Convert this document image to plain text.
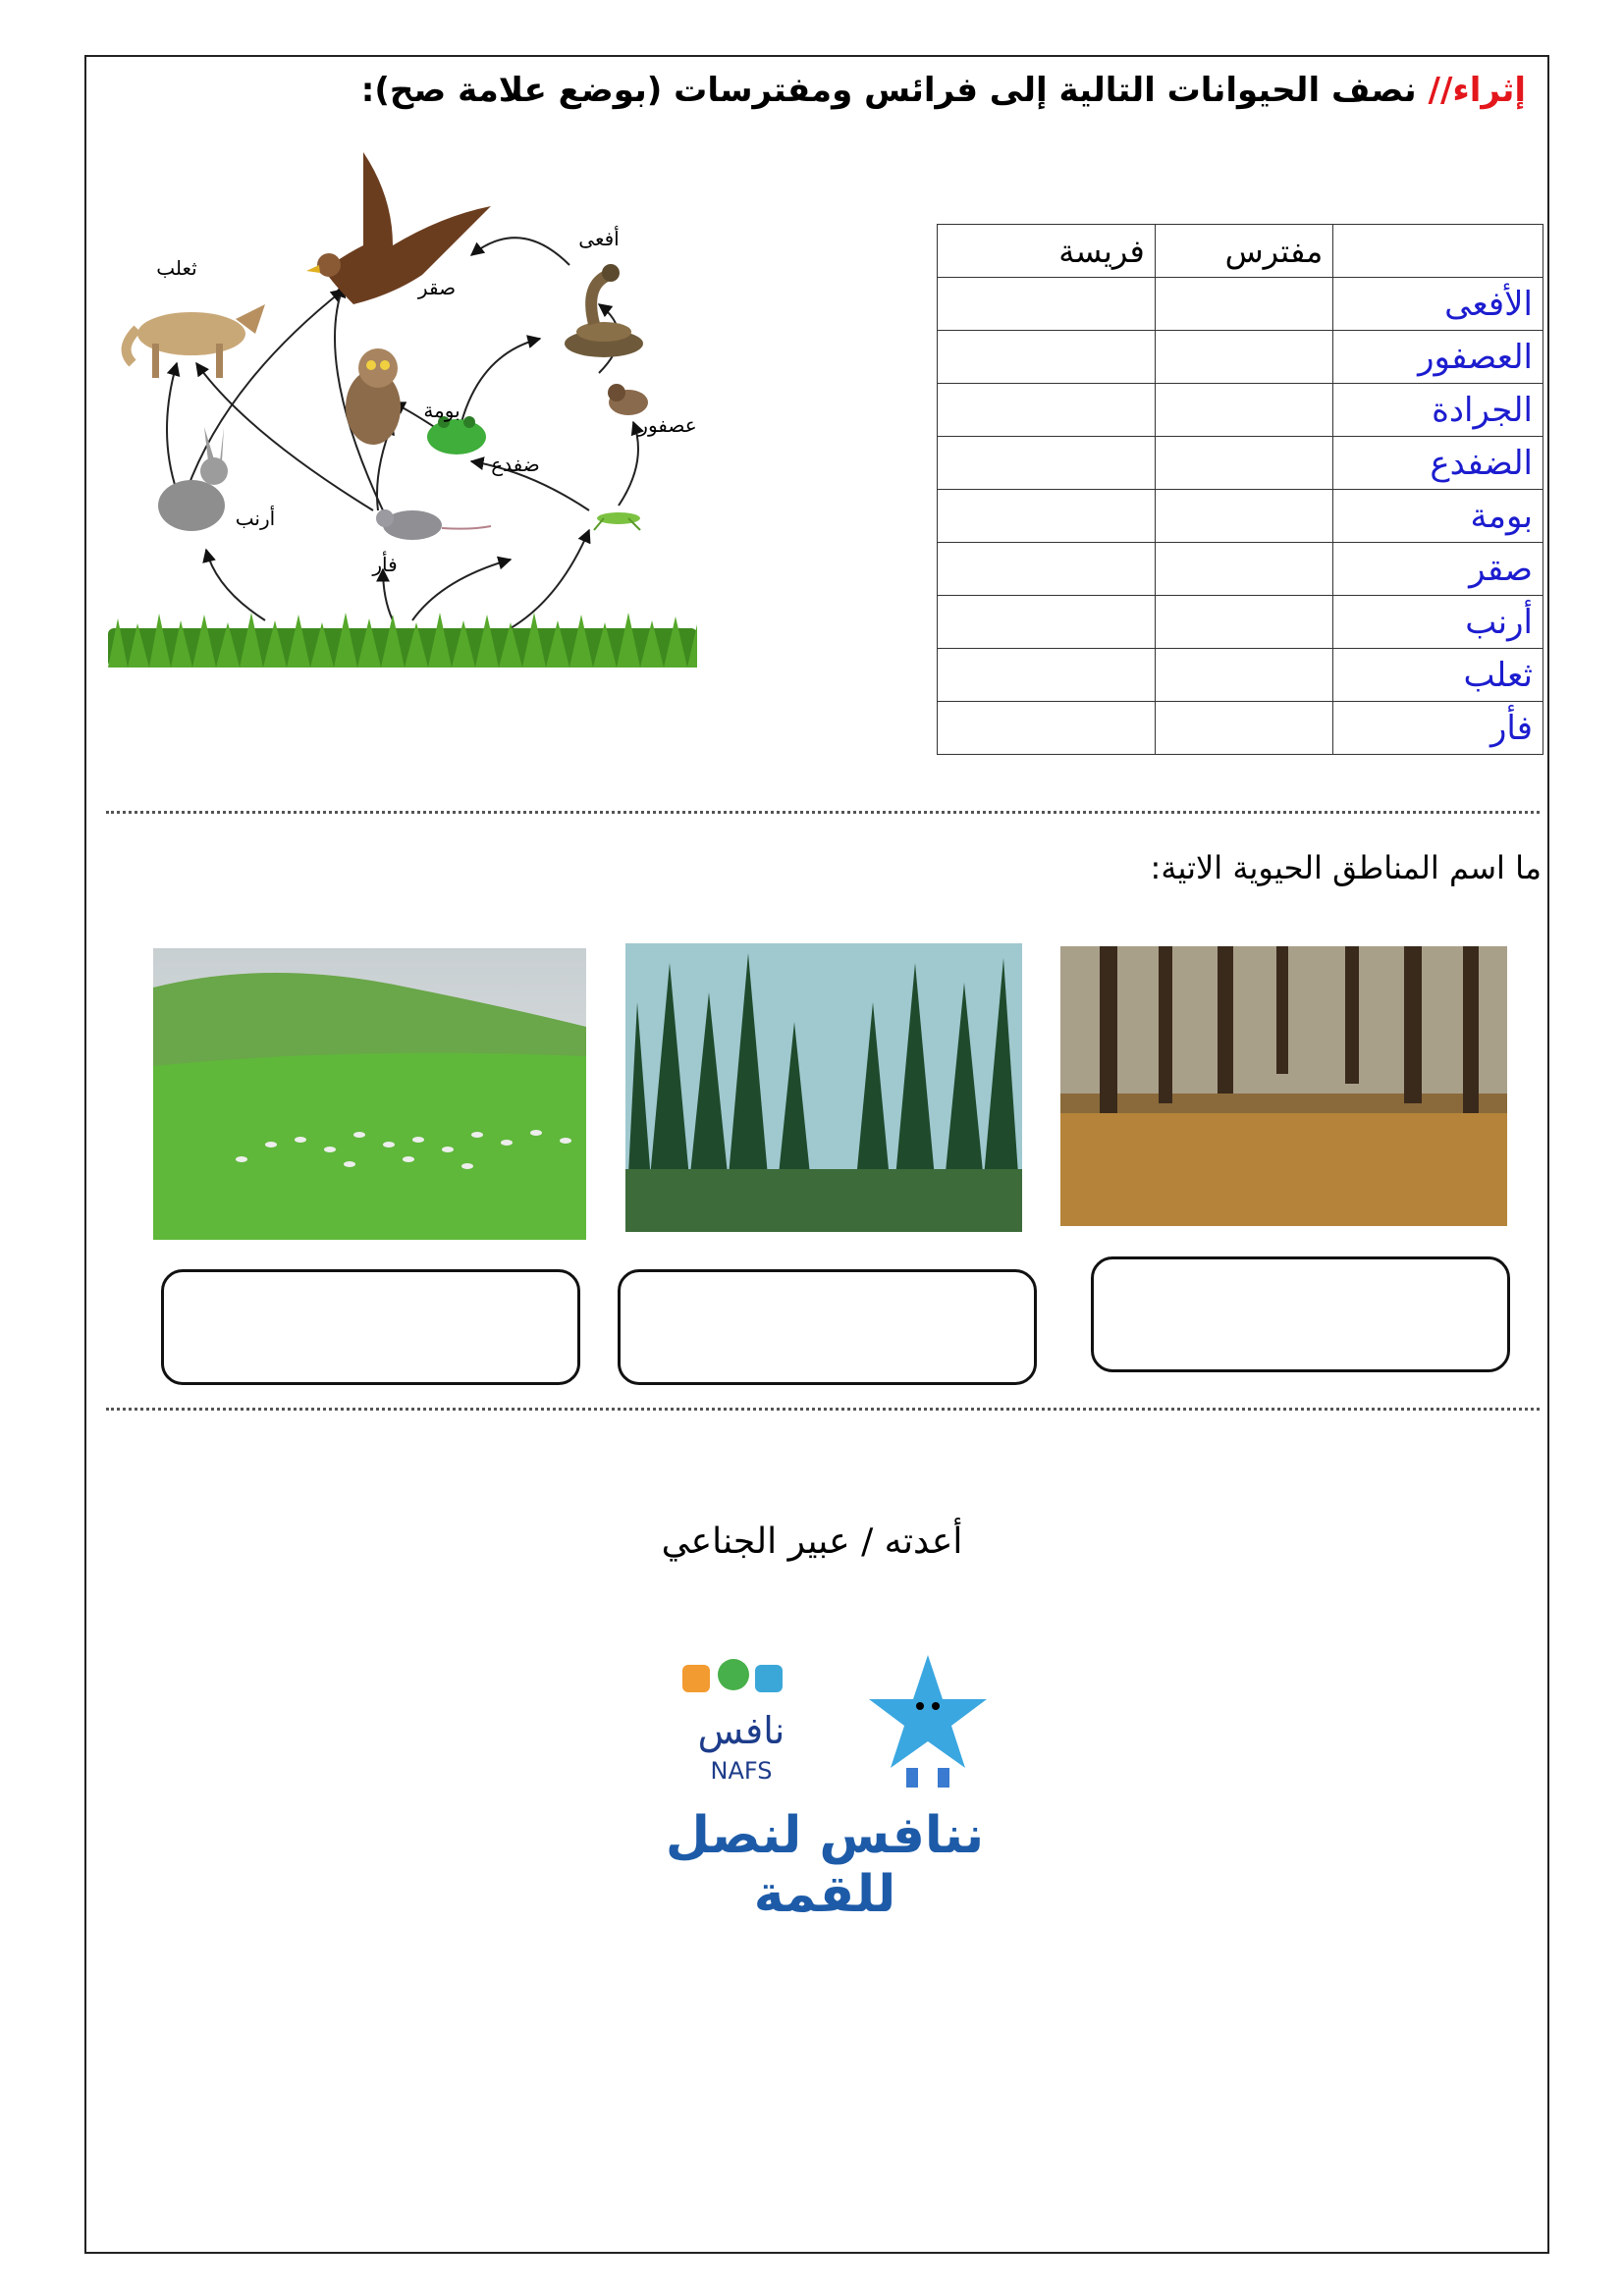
إثراء// نصف الحيوانات التالية إلى فرائس ومفترسات (بوضع علامة صح):
صقر
ثعلب
أفعى
بومة
عصفور
ضفدع
أرنب
فأر
	مفترس	فريسة
الأفعى		
العصفور		
الجرادة		
الضفدع		
بومة		
صقر		
أرنب		
ثعلب		
فأر		
ما اسم المناطق الحيوية الاتية:
أعدته / عبير الجناعي
نافس
NAFS
ننافس لنصل للقمة
